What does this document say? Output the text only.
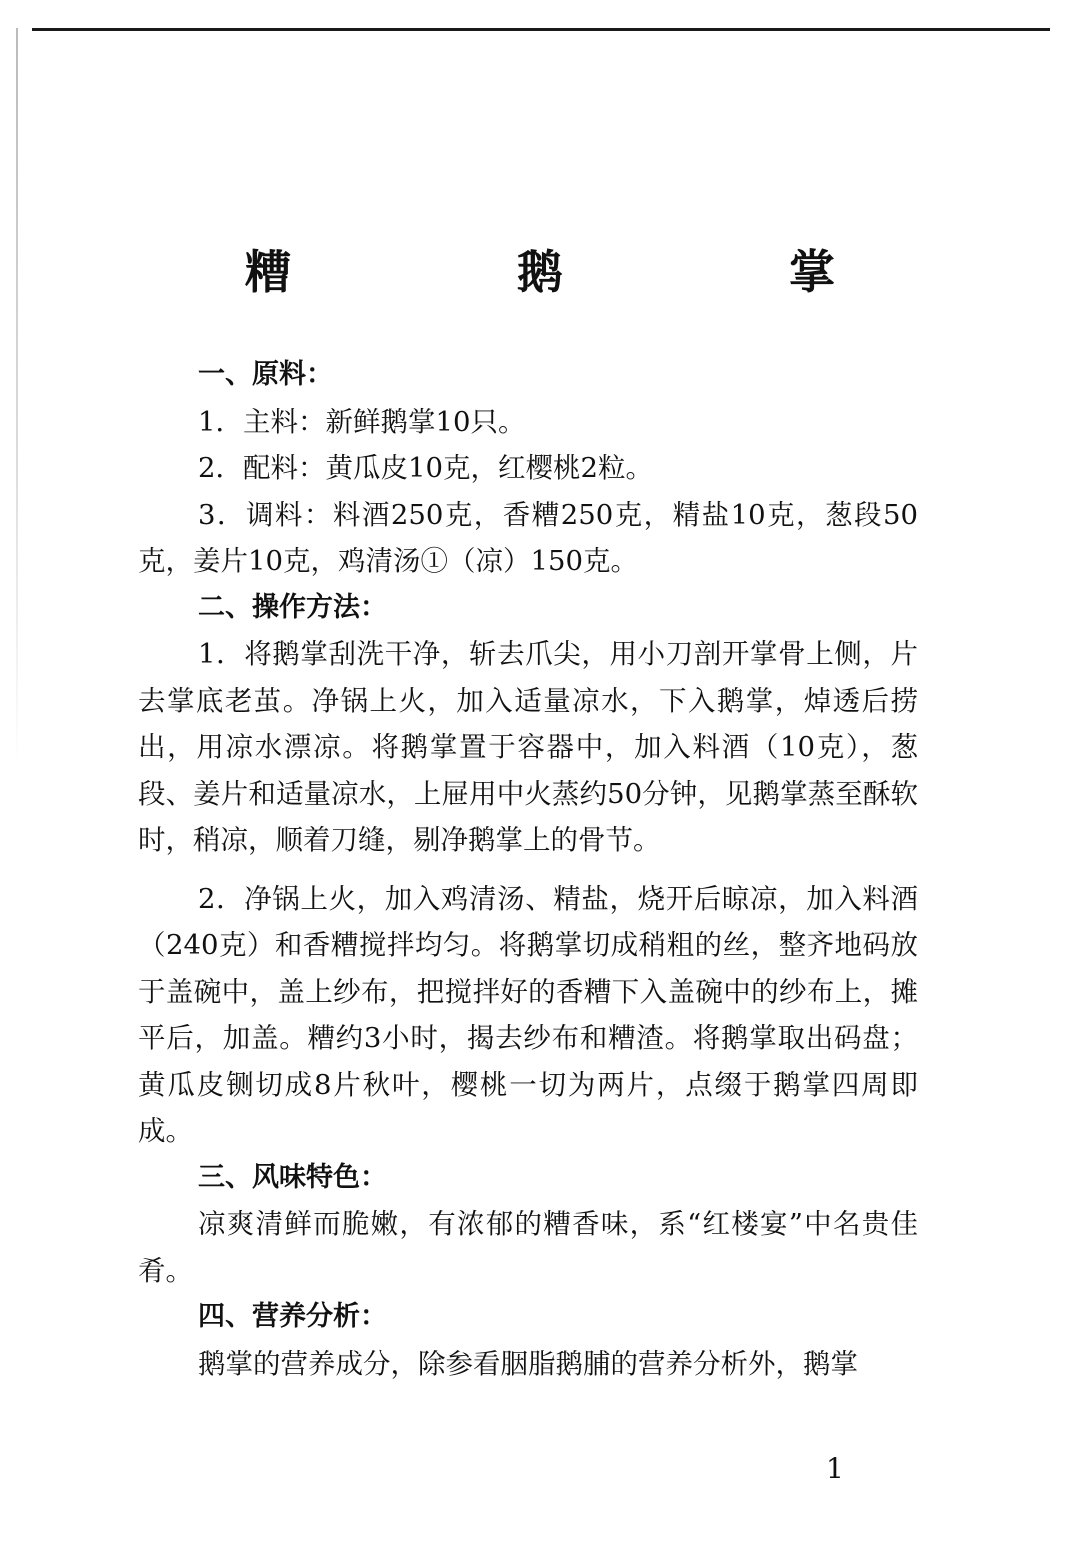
糟　鹅　掌

一、原料：

1．主料：新鲜鹅掌10只。

2．配料：黄瓜皮10克，红樱桃2粒。

3．调料：料酒250克，香糟250克，精盐10克，葱段50克，姜片10克，鸡清汤①（凉）150克。

二、操作方法：

1．将鹅掌刮洗干净，斩去爪尖，用小刀剖开掌骨上侧，片去掌底老茧。净锅上火，加入适量凉水，下入鹅掌，焯透后捞出，用凉水漂凉。将鹅掌置于容器中，加入料酒（10克），葱段、姜片和适量凉水，上屉用中火蒸约50分钟，见鹅掌蒸至酥软时，稍凉，顺着刀缝，剔净鹅掌上的骨节。

2．净锅上火，加入鸡清汤、精盐，烧开后晾凉，加入料酒（240克）和香糟搅拌均匀。将鹅掌切成稍粗的丝，整齐地码放于盖碗中，盖上纱布，把搅拌好的香糟下入盖碗中的纱布上，摊平后，加盖。糟约3小时，揭去纱布和糟渣。将鹅掌取出码盘；黄瓜皮铡切成8片秋叶，樱桃一切为两片，点缀于鹅掌四周即成。

三、风味特色：

凉爽清鲜而脆嫩，有浓郁的糟香味，系“红楼宴”中名贵佳肴。

四、营养分析：

鹅掌的营养成分，除参看胭脂鹅脯的营养分析外，鹅掌

1
